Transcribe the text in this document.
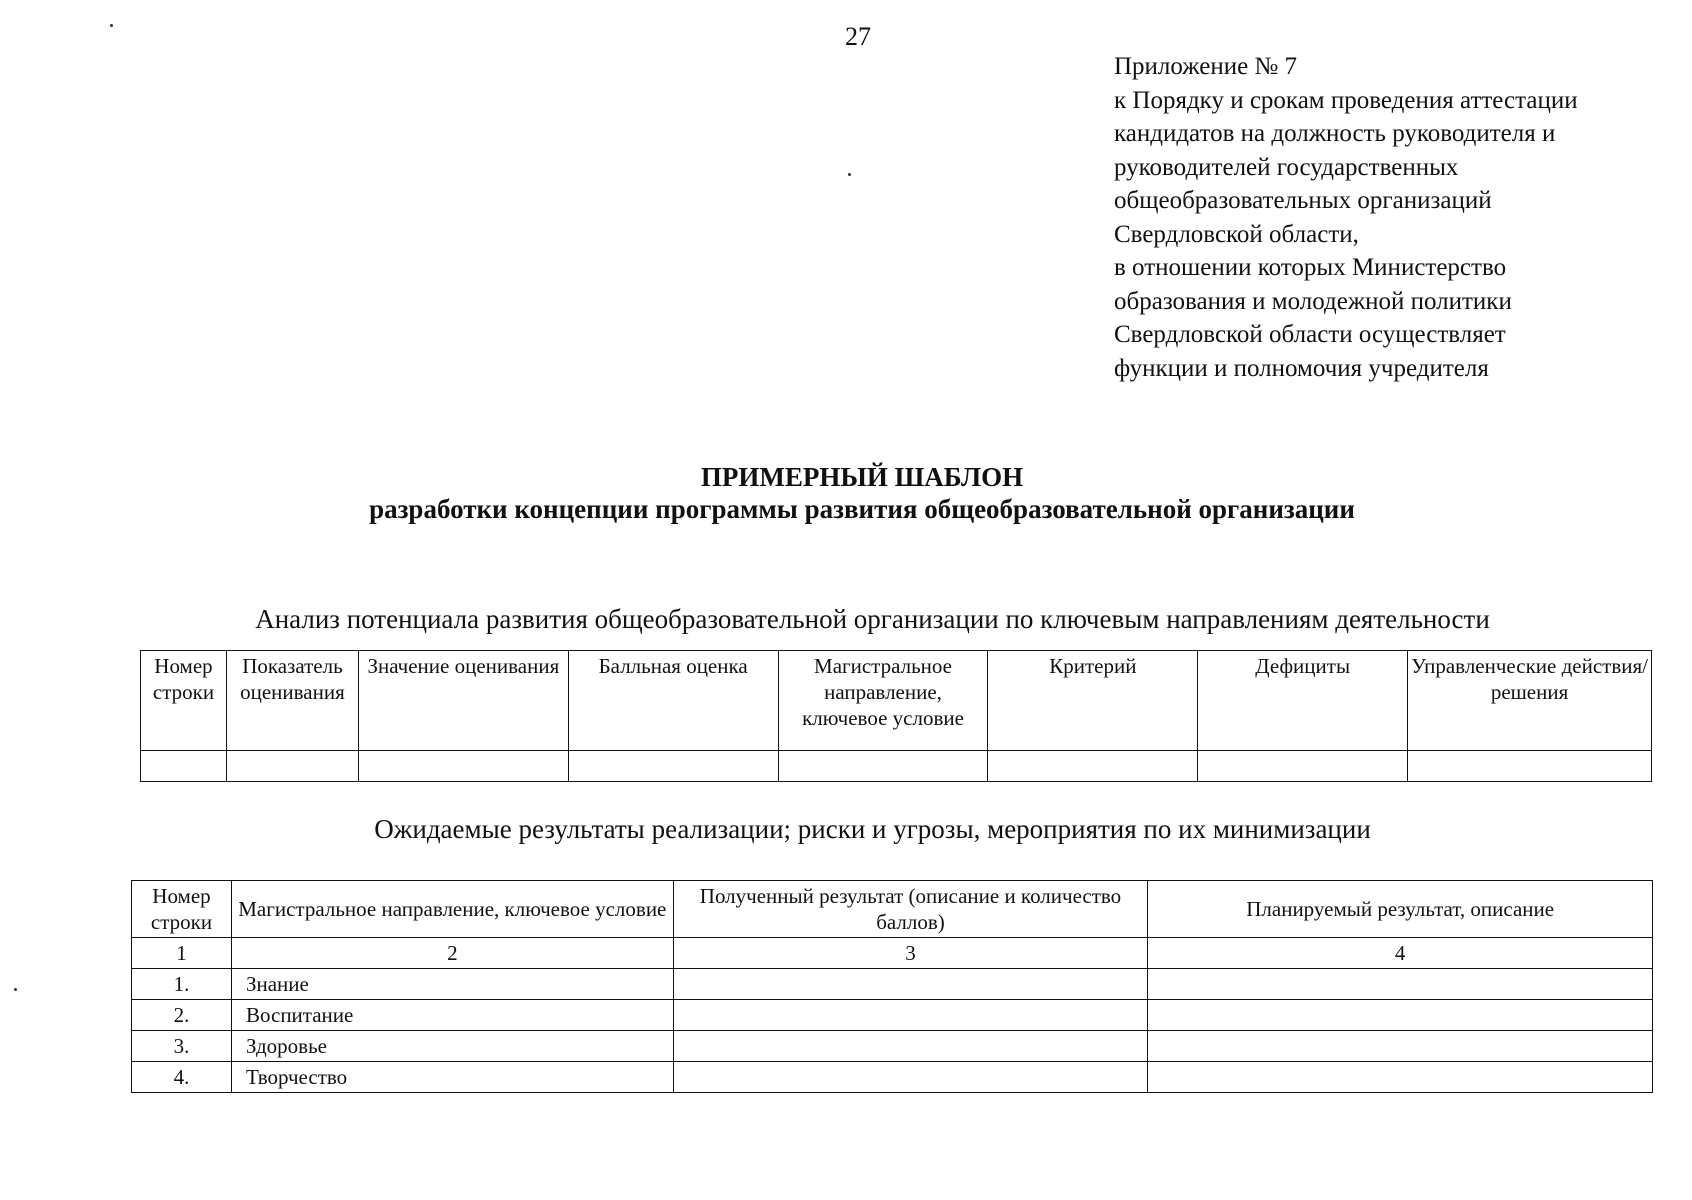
27
Приложение № 7
к Порядку и срокам проведения аттестации
кандидатов на должность руководителя и
руководителей государственных
общеобразовательных организаций
Свердловской области,
в отношении которых Министерство
образования и молодежной политики
Свердловской области осуществляет
функции и полномочия учредителя
ПРИМЕРНЫЙ ШАБЛОН
разработки концепции программы развития общеобразовательной организации
Анализ потенциала развития общеобразовательной организации по ключевым направлениям деятельности
Номер строки	Показатель оценивания	Значение оценивания	Балльная оценка	Магистральное направление, ключевое условие	Критерий	Дефициты	Управленческие действия/решения

Ожидаемые результаты реализации; риски и угрозы, мероприятия по их минимизации
Номер строки	Магистральное направление, ключевое условие	Полученный результат (описание и количество баллов)	Планируемый результат, описание
1	2	3	4
1.	Знание		
2.	Воспитание		
3.	Здоровье		
4.	Творчество		
